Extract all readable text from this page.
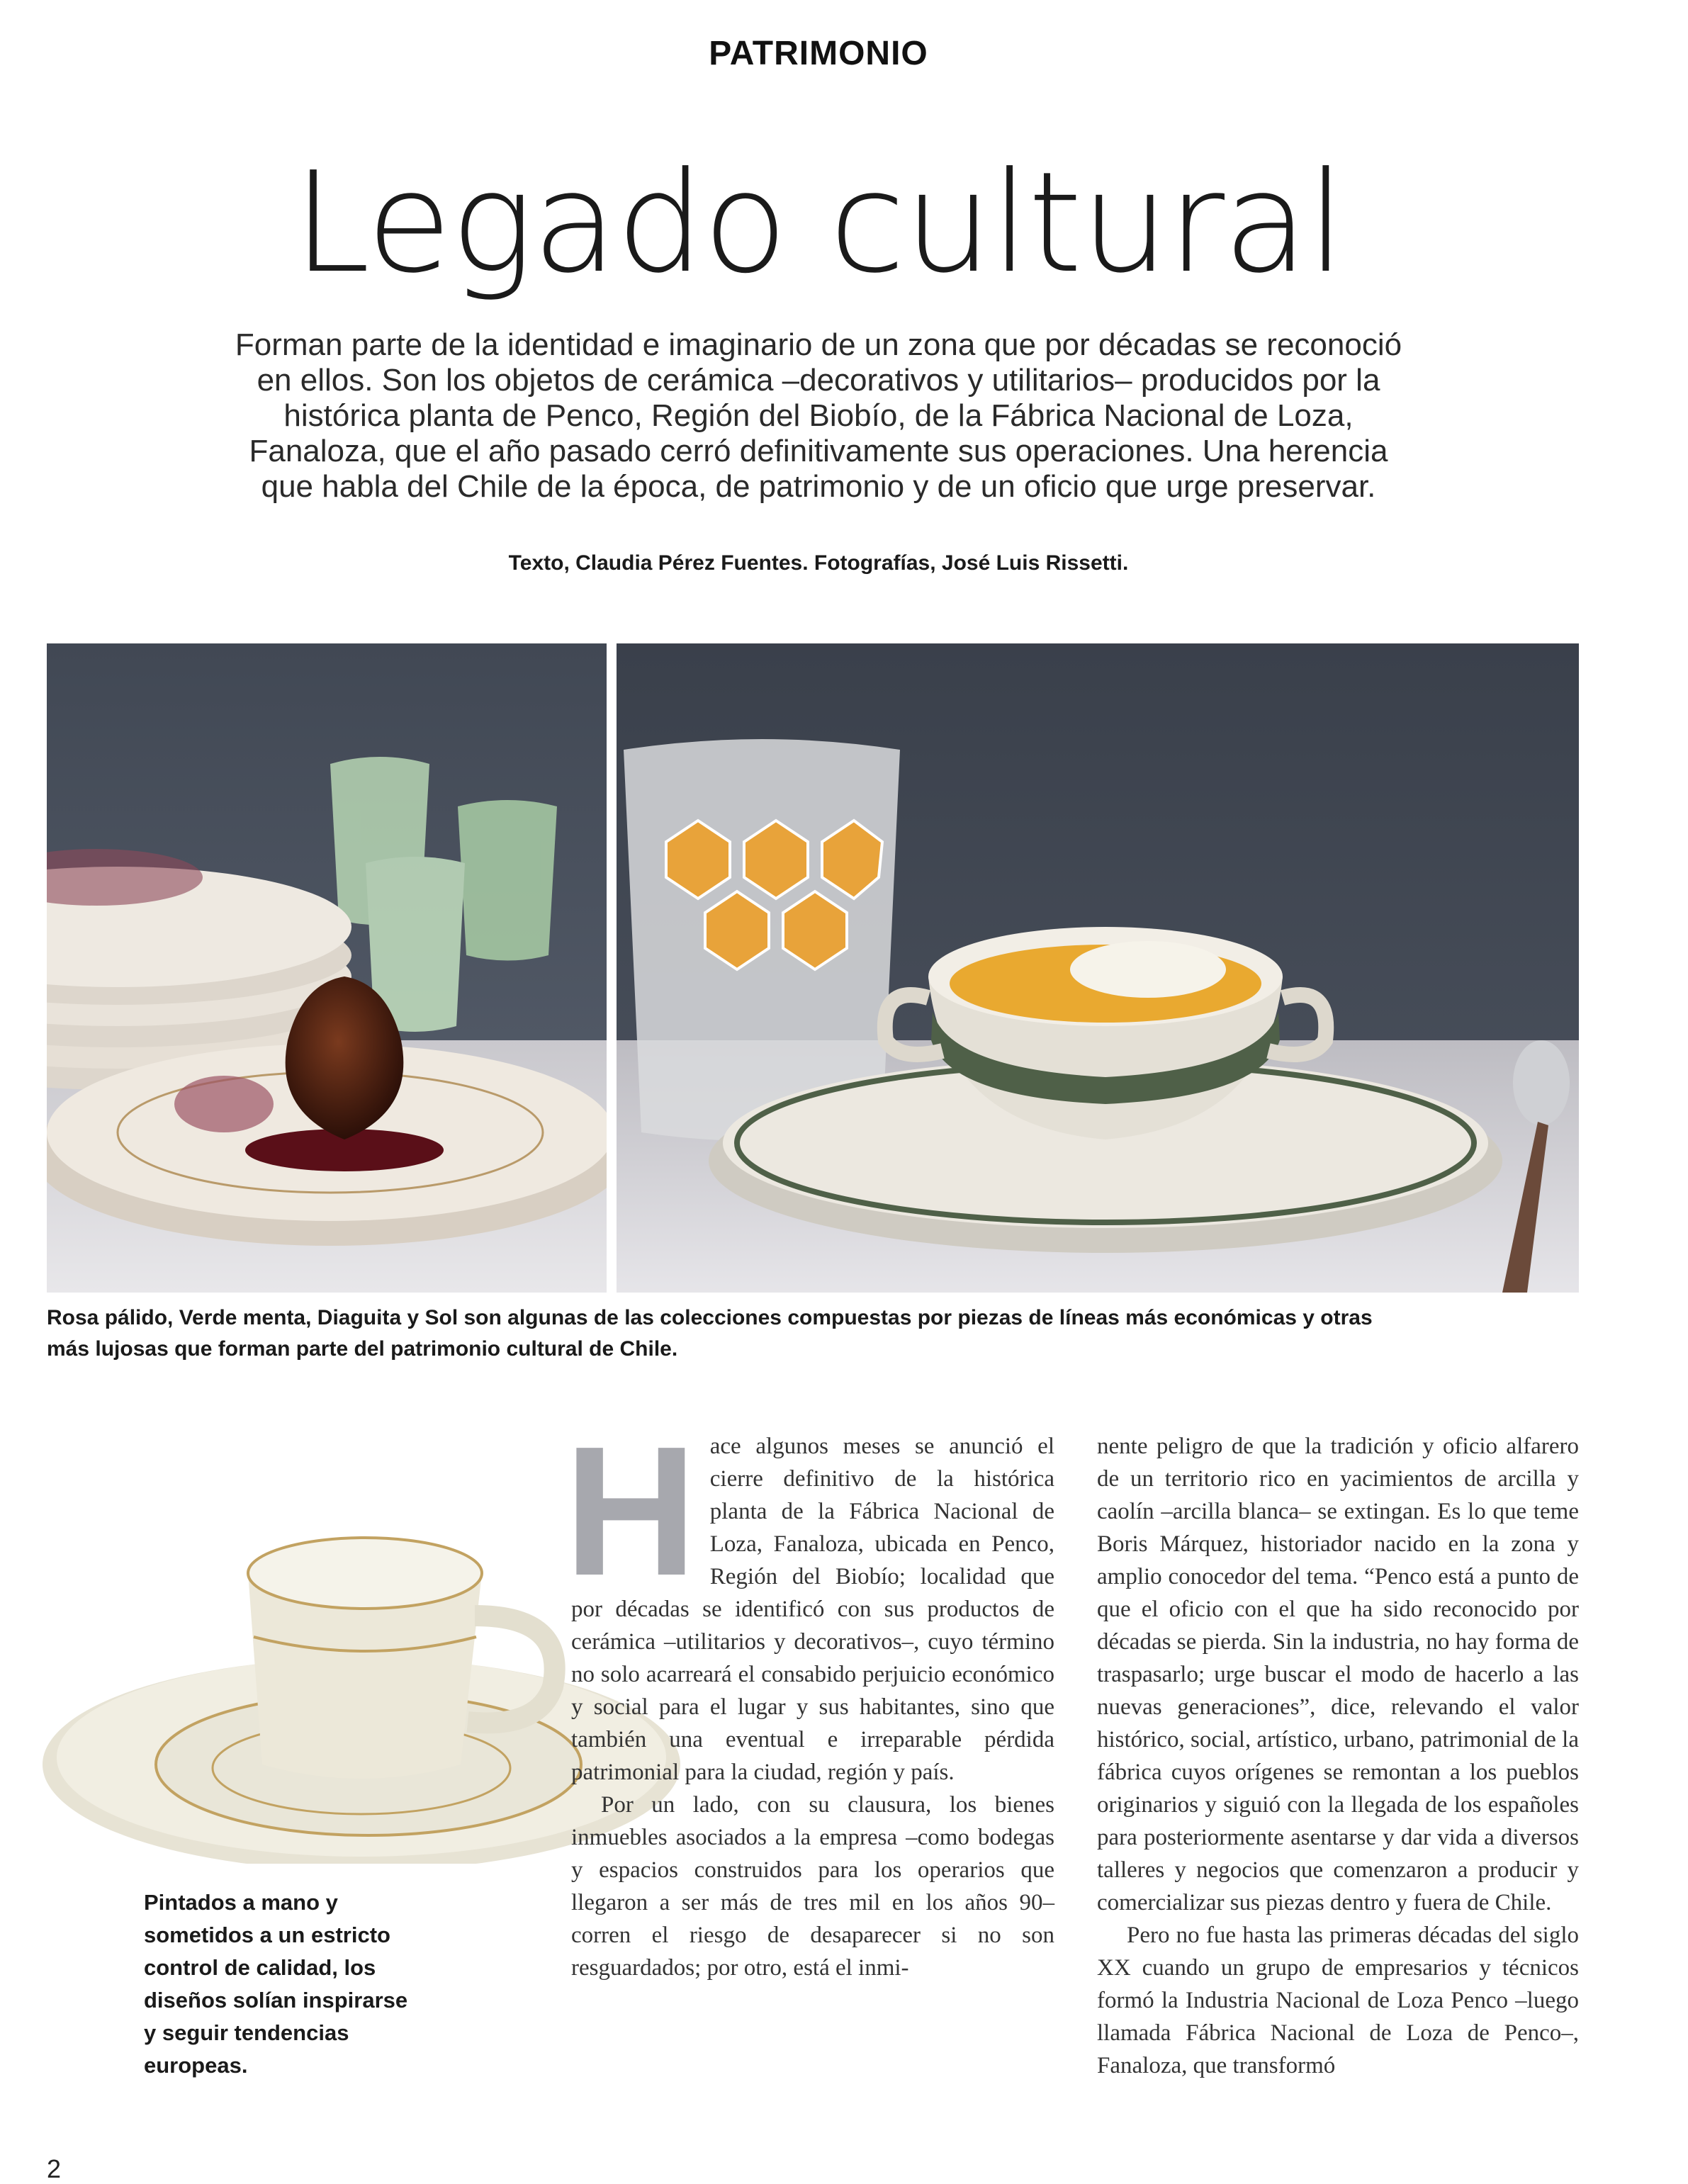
PATRIMONIO
Legado cultural
Forman parte de la identidad e imaginario de un zona que por décadas se reconoció en ellos. Son los objetos de cerámica –decorativos y utilitarios– producidos por la histórica planta de Penco, Región del Biobío, de la Fábrica Nacional de Loza, Fanaloza, que el año pasado cerró definitivamente sus operaciones. Una herencia que habla del Chile de la época, de patrimonio y de un oficio que urge preservar.
Texto, Claudia Pérez Fuentes. Fotografías, José Luis Rissetti.
Rosa pálido, Verde menta, Diaguita y Sol son algunas de las colecciones compuestas por piezas de líneas más económicas y otras más lujosas que forman parte del patrimonio cultural de Chile.
Pintados a mano y sometidos a un estricto control de calidad, los diseños solían inspirarse y seguir tendencias europeas.
H ace algunos meses se anunció el cierre definitivo de la histórica planta de la Fábrica Nacional de Loza, Fanaloza, ubicada en Penco, Región del Biobío; localidad que por décadas se identificó con sus productos de cerámica –utilitarios y decorativos–, cuyo término no solo acarreará el consabido perjuicio económico y social para el lugar y sus habitantes, sino que también una eventual e irreparable pérdida patrimonial para la ciudad, región y país.

Por un lado, con su clausura, los bienes inmuebles asociados a la empresa –como bodegas y espacios construidos para los operarios que llegaron a ser más de tres mil en los años 90– corren el riesgo de desaparecer si no son resguardados; por otro, está el inmi-

nente peligro de que la tradición y oficio alfarero de un territorio rico en yacimientos de arcilla y caolín –arcilla blanca– se extingan. Es lo que teme Boris Márquez, historiador nacido en la zona y amplio conocedor del tema. “Penco está a punto de que el oficio con el que ha sido reconocido por décadas se pierda. Sin la industria, no hay forma de traspasarlo; urge buscar el modo de hacerlo a las nuevas generaciones”, dice, relevando el valor histórico, social, artístico, urbano, patrimonial de la fábrica cuyos orígenes se remontan a los pueblos originarios y siguió con la llegada de los españoles para posteriormente asentarse y dar vida a diversos talleres y negocios que comenzaron a producir y comercializar sus piezas dentro y fuera de Chile.

Pero no fue hasta las primeras décadas del siglo XX cuando un grupo de empresarios y técnicos formó la Industria Nacional de Loza Penco –luego llamada Fábrica Nacional de Loza de Penco–, Fanaloza, que transformó

2
